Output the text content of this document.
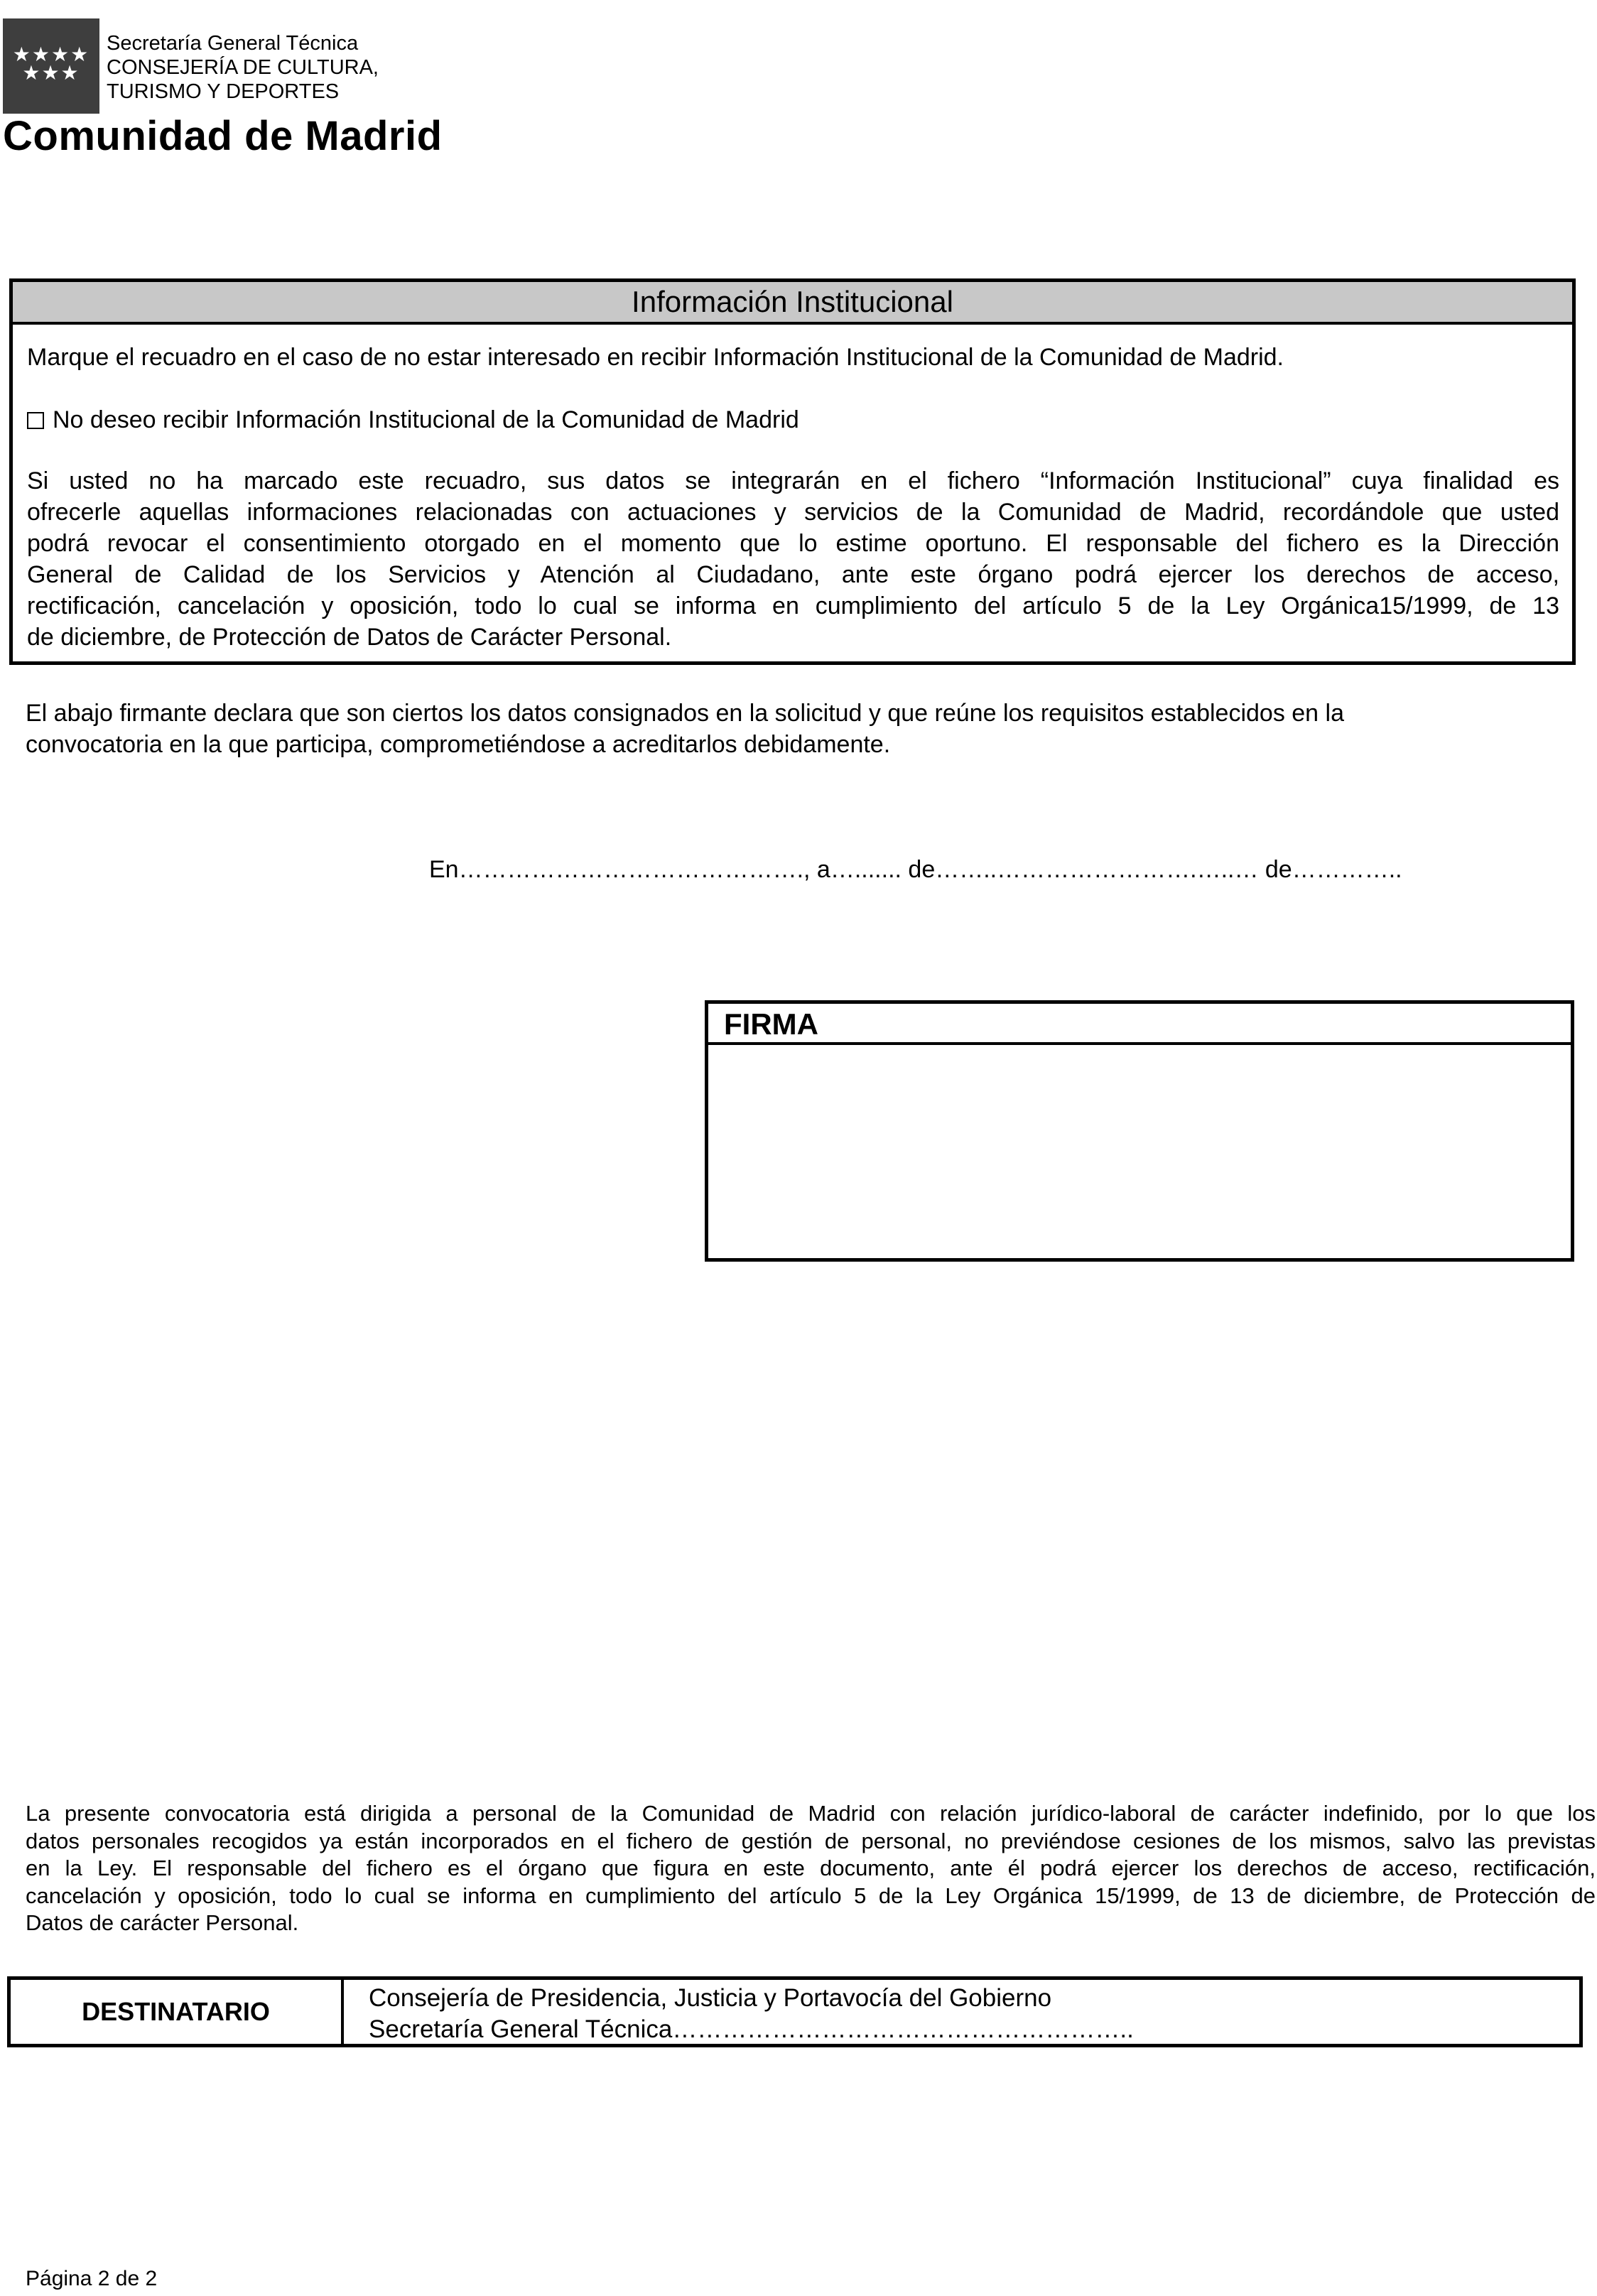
★★★★
★★★
Secretaría General Técnica
CONSEJERÍA DE CULTURA,
TURISMO Y DEPORTES
Comunidad de Madrid
Información Institucional
Marque el recuadro en el caso de no estar interesado en recibir Información Institucional de la Comunidad de Madrid.
No deseo recibir Información Institucional de la Comunidad de Madrid
Si usted no ha marcado este recuadro, sus datos se integrarán en el fichero “Información Institucional” cuya finalidad es
ofrecerle aquellas informaciones relacionadas con actuaciones y servicios de la Comunidad de Madrid, recordándole que usted
podrá revocar el consentimiento otorgado en el momento que lo estime oportuno. El responsable del fichero es la Dirección
General de Calidad de los Servicios y Atención al Ciudadano, ante este órgano podrá ejercer los derechos de acceso,
rectificación, cancelación y oposición, todo lo cual se informa en cumplimiento del artículo 5 de la Ley Orgánica15/1999, de 13
de diciembre, de Protección de Datos de Carácter Personal.
El abajo firmante declara que son ciertos los datos consignados en la solicitud y que reúne los requisitos establecidos en la
convocatoria en la que participa, comprometiéndose a acreditarlos debidamente.
En……………………………………., a…....... de……..…………………….…..… de…………..
FIRMA
La presente convocatoria está dirigida a personal de la Comunidad de Madrid con relación jurídico-laboral de carácter indefinido, por lo que los
datos personales recogidos ya están incorporados en el fichero de gestión de personal, no previéndose cesiones de los mismos, salvo las previstas
en la Ley. El responsable del fichero es el órgano que figura en este documento, ante él podrá ejercer los derechos de acceso, rectificación,
cancelación y oposición, todo lo cual se informa en cumplimiento del artículo 5 de la Ley Orgánica 15/1999, de 13 de diciembre, de Protección de
Datos de carácter Personal.
DESTINATARIO	Consejería de Presidencia, Justicia y Portavocía del Gobierno
Secretaría General Técnica………………………………………………..
Página 2 de 2
